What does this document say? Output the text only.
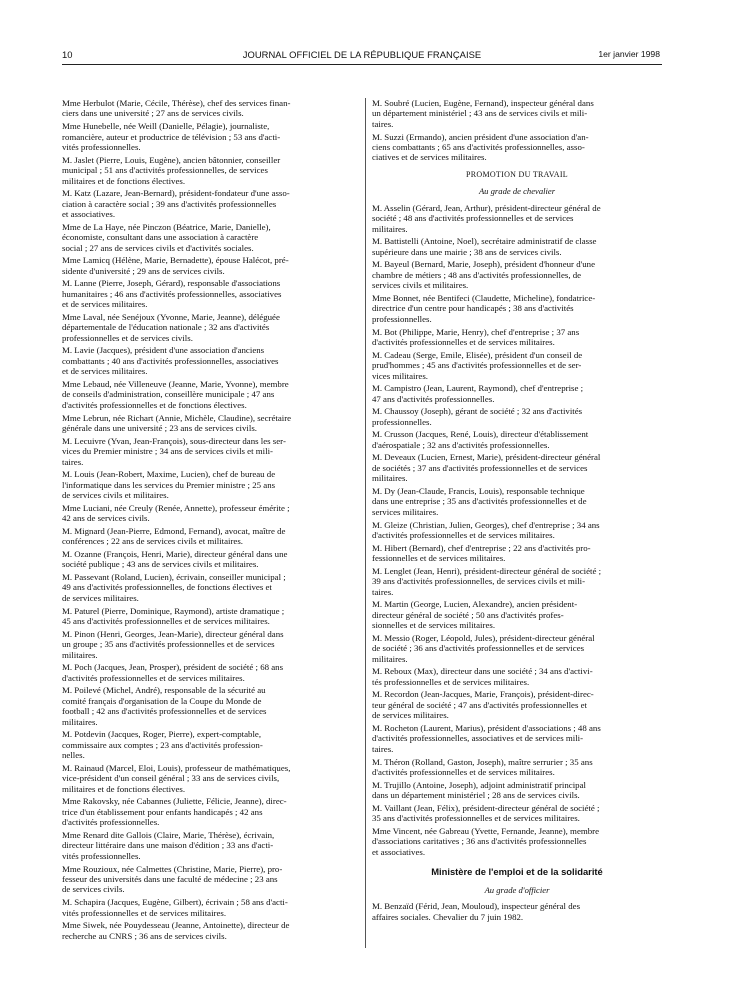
10	JOURNAL OFFICIEL DE LA RÉPUBLIQUE FRANÇAISE	1er janvier 1998
Mme Herbulot (Marie, Cécile, Thérèse), chef des services finan-
ciers dans une université ; 27 ans de services civils.
Mme Hunebelle, née Weill (Danielle, Pélagie), journaliste,
romancière, auteur et productrice de télévision ; 53 ans d'acti-
vités professionnelles.
M. Jaslet (Pierre, Louis, Eugène), ancien bâtonnier, conseiller
municipal ; 51 ans d'activités professionnelles, de services
militaires et de fonctions électives.
M. Katz (Lazare, Jean-Bernard), président-fondateur d'une asso-
ciation à caractère social ; 39 ans d'activités professionnelles
et associatives.
Mme de La Haye, née Pinczon (Béatrice, Marie, Danielle),
économiste, consultant dans une association à caractère
social ; 27 ans de services civils et d'activités sociales.
Mme Lamicq (Hélène, Marie, Bernadette), épouse Halécot, pré-
sidente d'université ; 29 ans de services civils.
M. Lanne (Pierre, Joseph, Gérard), responsable d'associations
humanitaires ; 46 ans d'activités professionnelles, associatives
et de services militaires.
Mme Laval, née Senéjoux (Yvonne, Marie, Jeanne), déléguée
départementale de l'éducation nationale ; 32 ans d'activités
professionnelles et de services civils.
M. Lavie (Jacques), président d'une association d'anciens
combattants ; 40 ans d'activités professionnelles, associatives
et de services militaires.
Mme Lebaud, née Villeneuve (Jeanne, Marie, Yvonne), membre
de conseils d'administration, conseillère municipale ; 47 ans
d'activités professionnelles et de fonctions électives.
Mme Lebrun, née Richart (Annie, Michèle, Claudine), secrétaire
générale dans une université ; 23 ans de services civils.
M. Lecuivre (Yvan, Jean-François), sous-directeur dans les ser-
vices du Premier ministre ; 34 ans de services civils et mili-
taires.
M. Louis (Jean-Robert, Maxime, Lucien), chef de bureau de
l'informatique dans les services du Premier ministre ; 25 ans
de services civils et militaires.
Mme Luciani, née Creuly (Renée, Annette), professeur émérite ;
42 ans de services civils.
M. Mignard (Jean-Pierre, Edmond, Fernand), avocat, maître de
conférences ; 22 ans de services civils et militaires.
M. Ozanne (François, Henri, Marie), directeur général dans une
société publique ; 43 ans de services civils et militaires.
M. Passevant (Roland, Lucien), écrivain, conseiller municipal ;
49 ans d'activités professionnelles, de fonctions électives et
de services militaires.
M. Paturel (Pierre, Dominique, Raymond), artiste dramatique ;
45 ans d'activités professionnelles et de services militaires.
M. Pinon (Henri, Georges, Jean-Marie), directeur général dans
un groupe ; 35 ans d'activités professionnelles et de services
militaires.
M. Poch (Jacques, Jean, Prosper), président de société ; 68 ans
d'activités professionnelles et de services militaires.
M. Poilevé (Michel, André), responsable de la sécurité au
comité français d'organisation de la Coupe du Monde de
football ; 42 ans d'activités professionnelles et de services
militaires.
M. Potdevin (Jacques, Roger, Pierre), expert-comptable,
commissaire aux comptes ; 23 ans d'activités profession-
nelles.
M. Rainaud (Marcel, Eloi, Louis), professeur de mathématiques,
vice-président d'un conseil général ; 33 ans de services civils,
militaires et de fonctions électives.
Mme Rakovsky, née Cabannes (Juliette, Félicie, Jeanne), direc-
trice d'un établissement pour enfants handicapés ; 42 ans
d'activités professionnelles.
Mme Renard dite Gallois (Claire, Marie, Thérèse), écrivain,
directeur littéraire dans une maison d'édition ; 33 ans d'acti-
vités professionnelles.
Mme Rouzioux, née Calmettes (Christine, Marie, Pierre), pro-
fesseur des universités dans une faculté de médecine ; 23 ans
de services civils.
M. Schapira (Jacques, Eugène, Gilbert), écrivain ; 58 ans d'acti-
vités professionnelles et de services militaires.
Mme Siwek, née Pouydesseau (Jeanne, Antoinette), directeur de
recherche au CNRS ; 36 ans de services civils.
M. Soubré (Lucien, Eugène, Fernand), inspecteur général dans
un département ministériel ; 43 ans de services civils et mili-
taires.
M. Suzzi (Ermando), ancien président d'une association d'an-
ciens combattants ; 65 ans d'activités professionnelles, asso-
ciatives et de services militaires.
PROMOTION DU TRAVAIL
Au grade de chevalier
M. Asselin (Gérard, Jean, Arthur), président-directeur général de
société ; 48 ans d'activités professionnelles et de services
militaires.
M. Battistelli (Antoine, Noel), secrétaire administratif de classe
supérieure dans une mairie ; 38 ans de services civils.
M. Bayeul (Bernard, Marie, Joseph), président d'honneur d'une
chambre de métiers ; 48 ans d'activités professionnelles, de
services civils et militaires.
Mme Bonnet, née Bentifeci (Claudette, Micheline), fondatrice-
directrice d'un centre pour handicapés ; 38 ans d'activités
professionnelles.
M. Bot (Philippe, Marie, Henry), chef d'entreprise ; 37 ans
d'activités professionnelles et de services militaires.
M. Cadeau (Serge, Emile, Elisée), président d'un conseil de
prud'hommes ; 45 ans d'activités professionnelles et de ser-
vices militaires.
M. Campistro (Jean, Laurent, Raymond), chef d'entreprise ;
47 ans d'activités professionnelles.
M. Chaussoy (Joseph), gérant de société ; 32 ans d'activités
professionnelles.
M. Crusson (Jacques, René, Louis), directeur d'établissement
d'aérospatiale ; 32 ans d'activités professionnelles.
M. Deveaux (Lucien, Ernest, Marie), président-directeur général
de sociétés ; 37 ans d'activités professionnelles et de services
militaires.
M. Dy (Jean-Claude, Francis, Louis), responsable technique
dans une entreprise ; 35 ans d'activités professionnelles et de
services militaires.
M. Gleize (Christian, Julien, Georges), chef d'entreprise ; 34 ans
d'activités professionnelles et de services militaires.
M. Hibert (Bernard), chef d'entreprise ; 22 ans d'activités pro-
fessionnelles et de services militaires.
M. Lenglet (Jean, Henri), président-directeur général de société ;
39 ans d'activités professionnelles, de services civils et mili-
taires.
M. Martin (George, Lucien, Alexandre), ancien président-
directeur général de société ; 50 ans d'activités profes-
sionnelles et de services militaires.
M. Messio (Roger, Léopold, Jules), président-directeur général
de société ; 36 ans d'activités professionnelles et de services
militaires.
M. Reboux (Max), directeur dans une société ; 34 ans d'activi-
tés professionnelles et de services militaires.
M. Recordon (Jean-Jacques, Marie, François), président-direc-
teur général de société ; 47 ans d'activités professionnelles et
de services militaires.
M. Rocheton (Laurent, Marius), président d'associations ; 48 ans
d'activités professionnelles, associatives et de services mili-
taires.
M. Théron (Rolland, Gaston, Joseph), maître serrurier ; 35 ans
d'activités professionnelles et de services militaires.
M. Trujillo (Antoine, Joseph), adjoint administratif principal
dans un département ministériel ; 28 ans de services civils.
M. Vaillant (Jean, Félix), président-directeur général de société ;
35 ans d'activités professionnelles et de services militaires.
Mme Vincent, née Gabreau (Yvette, Fernande, Jeanne), membre
d'associations caritatives ; 36 ans d'activités professionnelles
et associatives.
Ministère de l'emploi et de la solidarité
Au grade d'officier
M. Benzaïd (Férid, Jean, Mouloud), inspecteur général des
affaires sociales. Chevalier du 7 juin 1982.
